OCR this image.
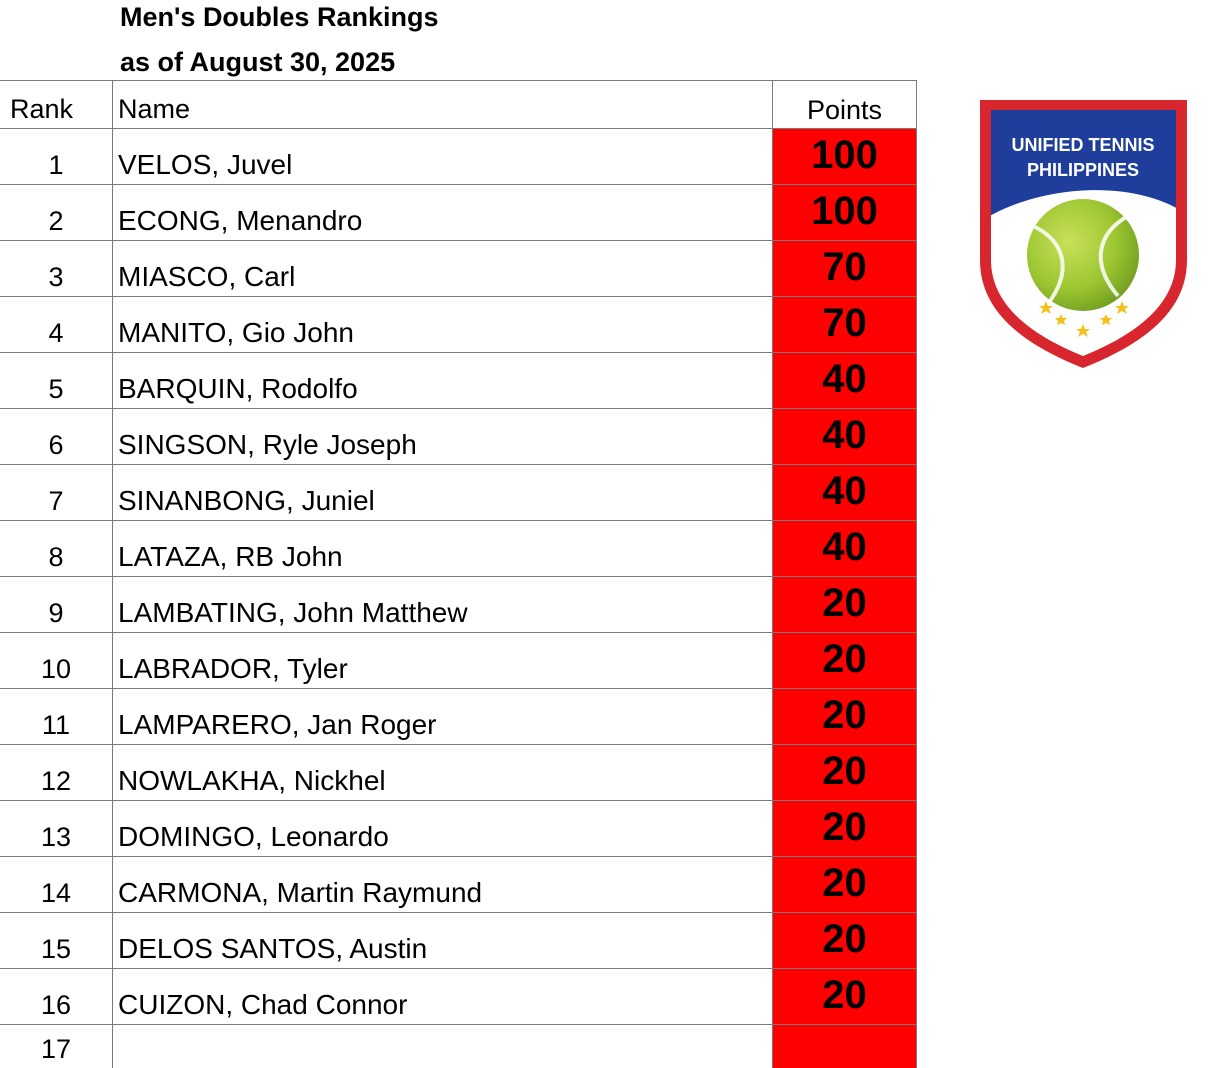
Men's Doubles Rankings
as of August 30, 2025
Rank	Name	Points
1	VELOS, Juvel	100
2	ECONG, Menandro	100
3	MIASCO, Carl	70
4	MANITO, Gio John	70
5	BARQUIN, Rodolfo	40
6	SINGSON, Ryle Joseph	40
7	SINANBONG, Juniel	40
8	LATAZA, RB John	40
9	LAMBATING, John Matthew	20
10	LABRADOR, Tyler	20
11	LAMPARERO, Jan Roger	20
12	NOWLAKHA, Nickhel	20
13	DOMINGO, Leonardo	20
14	CARMONA, Martin Raymund	20
15	DELOS SANTOS, Austin	20
16	CUIZON, Chad Connor	20
17		
UNIFIED TENNIS
PHILIPPINES
